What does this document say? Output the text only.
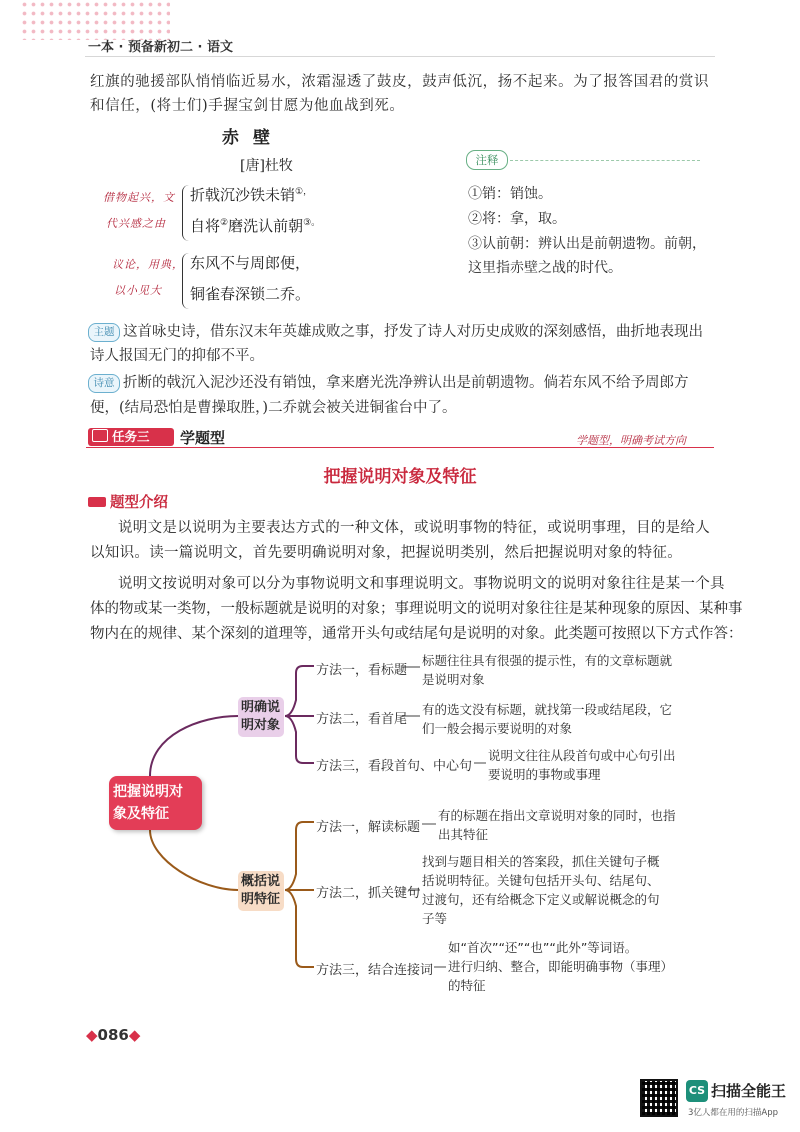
一本 · 预备新初二 · 语文
红旗的驰援部队悄悄临近易水，浓霜湿透了鼓皮，鼓声低沉，扬不起来。为了报答国君的赏识和信任，(将士们)手握宝剑甘愿为他血战到死。
赤壁
[唐]杜牧
借物起兴，文
代兴感之由
折戟沉沙铁未销①，
自将②磨洗认前朝③。
议论，用典，
以小见大
东风不与周郎便，
铜雀春深锁二乔。
注释
①销：销蚀。
②将：拿，取。
③认前朝：辨认出是前朝遗物。前朝，
这里指赤壁之战的时代。
主题 这首咏史诗，借东汉末年英雄成败之事，抒发了诗人对历史成败的深刻感悟，曲折地表现出
诗人报国无门的抑郁不平。
诗意 折断的戟沉入泥沙还没有销蚀，拿来磨光洗净辨认出是前朝遗物。倘若东风不给予周郎方
便，(结局恐怕是曹操取胜，)二乔就会被关进铜雀台中了。
任务三	学题型	学题型，明确考试方向
把握说明对象及特征
题型介绍
说明文是以说明为主要表达方式的一种文体，或说明事物的特征，或说明事理，目的是给人
以知识。读一篇说明文，首先要明确说明对象，把握说明类别，然后把握说明对象的特征。
说明文按说明对象可以分为事物说明文和事理说明文。事物说明文的说明对象往往是某一个具
体的物或某一类物，一般标题就是说明的对象；事理说明文的说明对象往往是某种现象的原因、某种事
物内在的规律、某个深刻的道理等，通常开头句或结尾句是说明的对象。此类题可按照以下方式作答：
把握说明对
象及特征
明确说
明对象
概括说
明特征
方法一，看标题
标题往往具有很强的提示性，有的文章标题就
是说明对象
方法二，看首尾
有的选文没有标题，就找第一段或结尾段，它
们一般会揭示要说明的对象
方法三，看段首句、中心句
说明文往往从段首句或中心句引出
要说明的事物或事理
方法一，解读标题
有的标题在指出文章说明对象的同时，也指
出其特征
方法二，抓关键句
找到与题目相关的答案段，抓住关键句子概
括说明特征。关键句包括开头句、结尾句、
过渡句，还有给概念下定义或解说概念的句
子等
方法三，结合连接词
如“首次”“还”“也”“此外”等词语。
进行归纳、整合，即能明确事物（事理）
的特征
◆086◆
CS 扫描全能王
3亿人都在用的扫描App
